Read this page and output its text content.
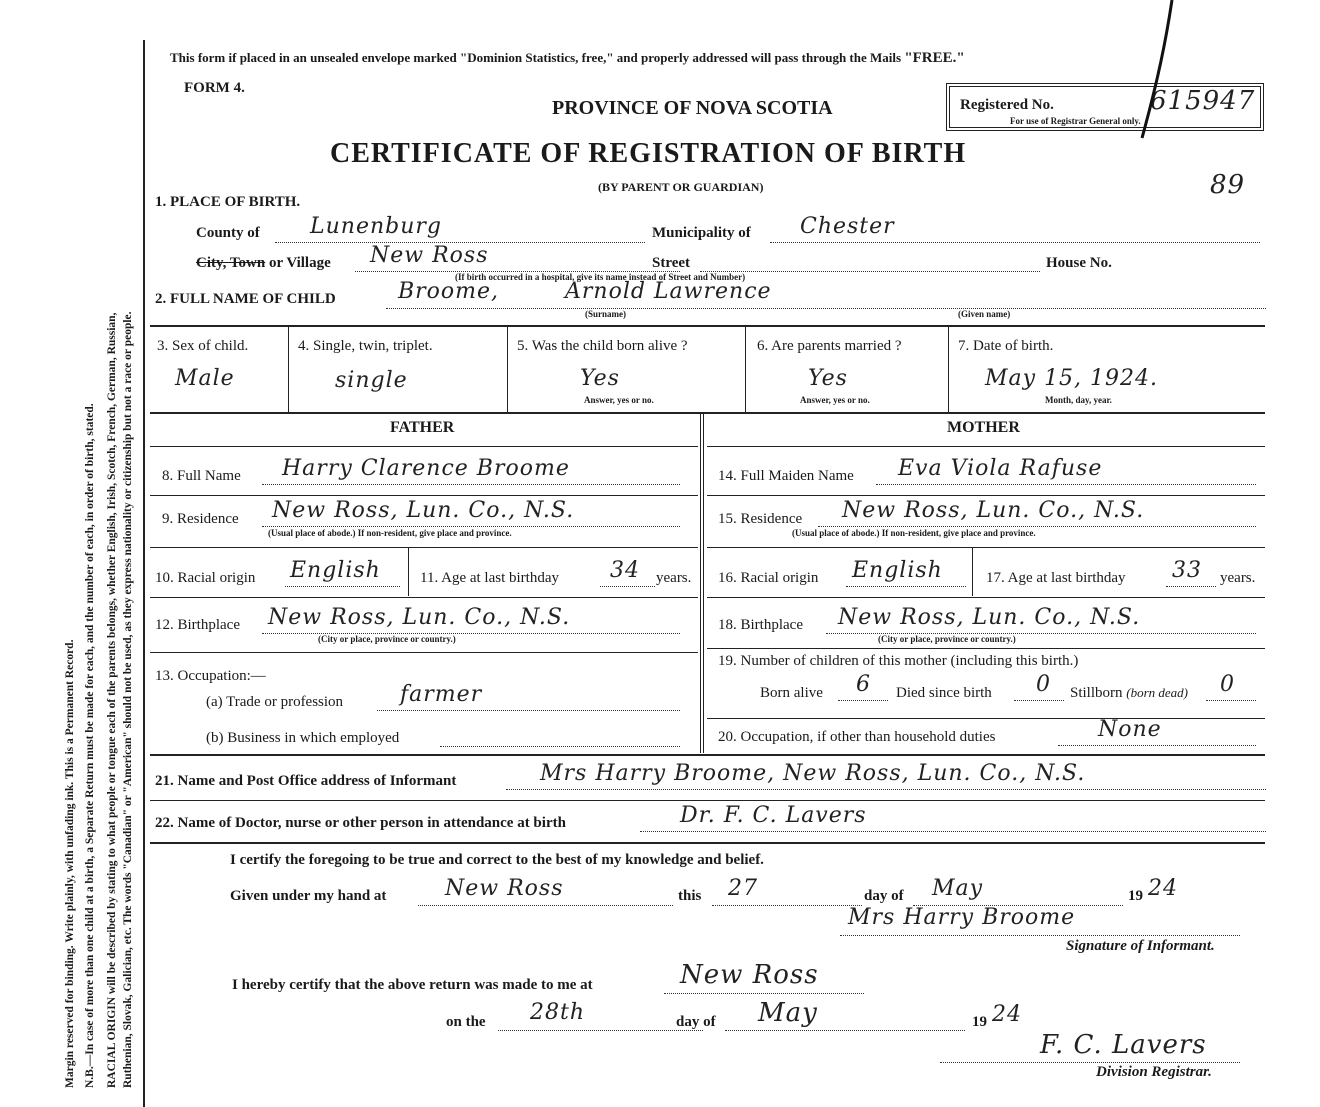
Margin reserved for binding. Write plainly, with unfading ink. This is a Permanent Record. N.B.—In case of more than one child at a birth, a Separate Return must be made for each, and the number of each, in order of birth, stated. RACIAL ORIGIN will be described by stating to what people or tongue each of the parents belongs, whether English, Irish, Scotch, French, German, Russian, Ruthenian, Slovak, Galician, etc. The words "Canadian" or "American" should not be used, as they express nationality or citizenship but not a race or people.
This form if placed in an unsealed envelope marked "Dominion Statistics, free," and properly addressed will pass through the Mails "FREE."
FORM 4.
PROVINCE OF NOVA SCOTIA
CERTIFICATE OF REGISTRATION OF BIRTH
(BY PARENT OR GUARDIAN)
Registered No.	615947
For use of Registrar General only.
89
1. PLACE OF BIRTH.
County of Lunenburg	Municipality of Chester
City, Town or Village New Ross	Street	House No.
(If birth occurred in a hospital, give its name instead of Street and Number)
2. FULL NAME OF CHILD	Broome,	Arnold Lawrence
(Surname)	(Given name)
3. Sex of child.
Male
4. Single, twin, triplet.
single
5. Was the child born alive ?
Yes
Answer, yes or no.
6. Are parents married ?
Yes
Answer, yes or no.
7. Date of birth.
May 15, 1924.
Month, day, year.
FATHER	MOTHER
8. Full Name Harry Clarence Broome
9. Residence New Ross, Lun. Co., N.S.
(Usual place of abode.) If non-resident, give place and province.
10. Racial origin English	11. Age at last birthday 34 years.
12. Birthplace New Ross, Lun. Co., N.S.
(City or place, province or country.)
13. Occupation:—
(a) Trade or profession	farmer
(b) Business in which employed
14. Full Maiden Name Eva Viola Rafuse
15. Residence New Ross, Lun. Co., N.S.
(Usual place of abode.) If non-resident, give place and province.
16. Racial origin English	17. Age at last birthday 33 years.
18. Birthplace New Ross, Lun. Co., N.S.
(City or place, province or country.)
19. Number of children of this mother (including this birth.)
Born alive 6 Died since birth 0 Stillborn (born dead) 0
20. Occupation, if other than household duties	None
21. Name and Post Office address of Informant	Mrs Harry Broome, New Ross, Lun. Co., N.S.
22. Name of Doctor, nurse or other person in attendance at birth	Dr. F. C. Lavers
I certify the foregoing to be true and correct to the best of my knowledge and belief.
Given under my hand at	New Ross	this 27	day of May	19 24
Mrs Harry Broome
Signature of Informant.
I hereby certify that the above return was made to me at	New Ross
on the 28th	day of May	19 24
F. C. Lavers
Division Registrar.
